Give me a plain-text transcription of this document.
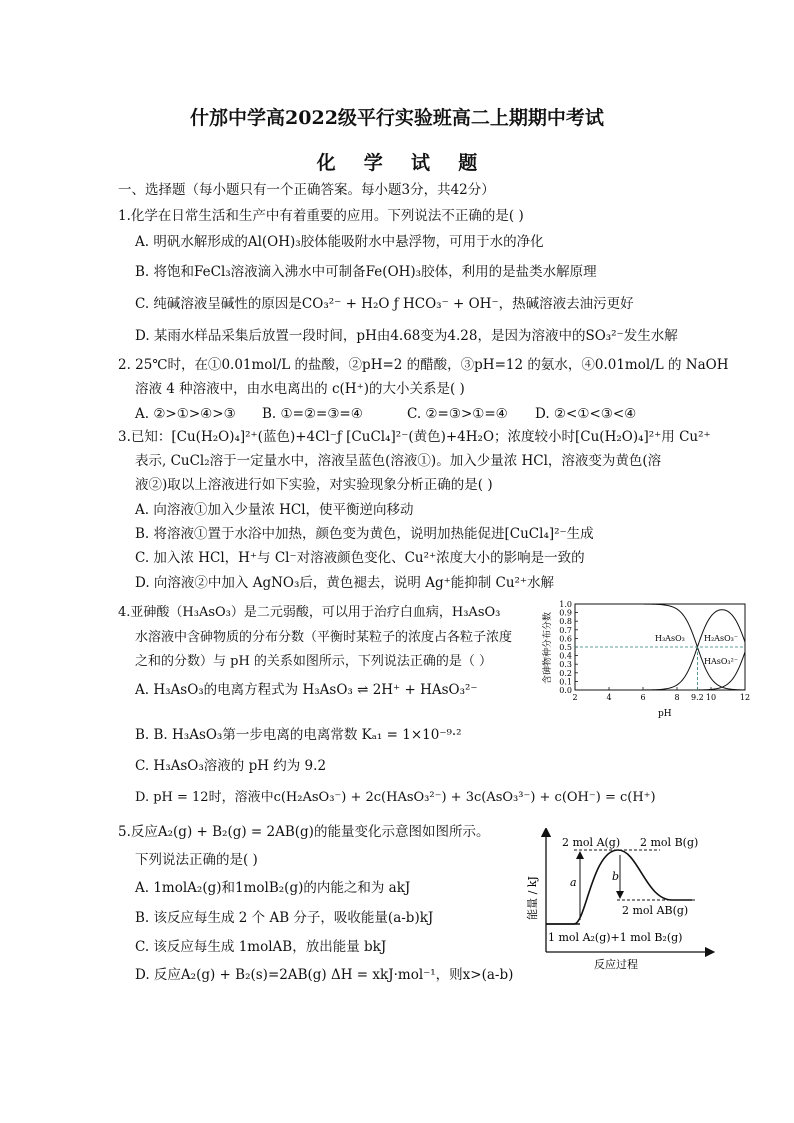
什邡中学高2022级平行实验班高二上期期中考试
化 学 试 题
一、选择题（每小题只有一个正确答案。每小题3分，共42分）
1.化学在日常生活和生产中有着重要的应用。下列说法不正确的是( )
A. 明矾水解形成的Al(OH)₃胶体能吸附水中悬浮物，可用于水的净化
B. 将饱和FeCl₃溶液滴入沸水中可制备Fe(OH)₃胶体，利用的是盐类水解原理
C. 纯碱溶液呈碱性的原因是CO₃²⁻ + H₂O ƒ HCO₃⁻ + OH⁻，热碱溶液去油污更好
D. 某雨水样品采集后放置一段时间，pH由4.68变为4.28，是因为溶液中的SO₃²⁻发生水解
2. 25℃时，在①0.01mol/L 的盐酸，②pH=2 的醋酸，③pH=12 的氨水，④0.01mol/L 的 NaOH
溶液 4 种溶液中，由水电离出的 c(H⁺)的大小关系是( )
A. ②>①>④>③ B. ①=②=③=④	C. ②=③>①=④ D. ②<①<③<④
3.已知：[Cu(H₂O)₄]²⁺(蓝色)+4Cl⁻ƒ [CuCl₄]²⁻(黄色)+4H₂O；浓度较小时[Cu(H₂O)₄]²⁺用 Cu²⁺
表示, CuCl₂溶于一定量水中，溶液呈蓝色(溶液①)。加入少量浓 HCl，溶液变为黄色(溶
液②)取以上溶液进行如下实验，对实验现象分析正确的是( )
A. 向溶液①加入少量浓 HCl，使平衡逆向移动
B. 将溶液①置于水浴中加热，颜色变为黄色，说明加热能促进[CuCl₄]²⁻生成
C. 加入浓 HCl，H⁺与 Cl⁻对溶液颜色变化、Cu²⁺浓度大小的影响是一致的
D. 向溶液②中加入 AgNO₃后，黄色褪去，说明 Ag⁺能抑制 Cu²⁺水解
4.亚砷酸（H₃AsO₃）是二元弱酸，可以用于治疗白血病，H₃AsO₃
水溶液中含砷物质的分布分数（平衡时某粒子的浓度占各粒子浓度
之和的分数）与 pH 的关系如图所示，下列说法正确的是（ ）
A. H₃AsO₃的电离方程式为 H₃AsO₃ ⇌ 2H⁺ + HAsO₃²⁻
B. B. H₃AsO₃第一步电离的电离常数 Kₐ₁ = 1×10⁻⁹·²
C. H₃AsO₃溶液的 pH 约为 9.2
D. pH = 12时，溶液中c(H₂AsO₃⁻) + 2c(HAsO₃²⁻) + 3c(AsO₃³⁻) + c(OH⁻) = c(H⁺)
含砷物种分布分数
0.0
0.1
0.2
0.3
0.4
0.5
0.6
0.7
0.8
0.9
1.0
2	4	6	8 9.2 10	12
H₃AsO₃ H₂AsO₃⁻
HAsO₃²⁻
pH
5.反应A₂(g) + B₂(g) = 2AB(g)的能量变化示意图如图所示。
下列说法正确的是( )
A. 1molA₂(g)和1molB₂(g)的内能之和为 akJ
B. 该反应每生成 2 个 AB 分子，吸收能量(a-b)kJ
C. 该反应每生成 1molAB，放出能量 bkJ
D. 反应A₂(g) + B₂(s)=2AB(g) ΔH = xkJ·mol⁻¹，则x>(a-b)
能量 / kJ
反应过程
a	b
2 mol A(g) 2 mol B(g)
2 mol AB(g)
1 mol A₂(g)+1 mol B₂(g)
